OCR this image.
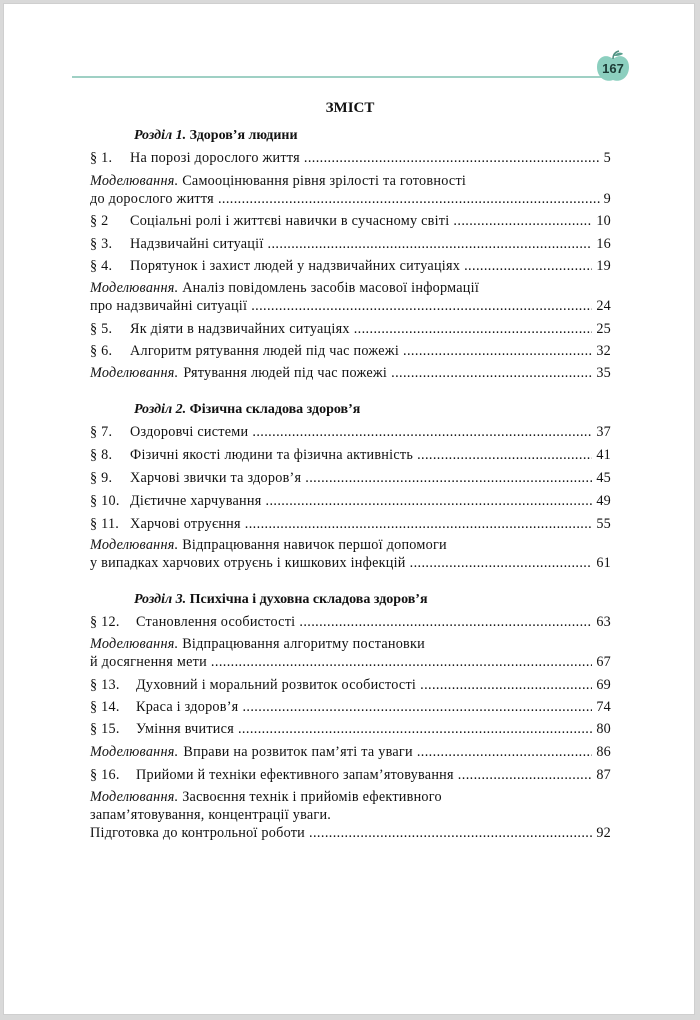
167
ЗМІСТ
Розділ 1. Здоров’я людини
§ 1.	На порозі дорослого життя .....	5
Моделювання. Самооцінювання рівня зрілості та готовності
до дорослого життя .....	9
§ 2	Соціальні ролі і життєві навички в сучасному світі .....	10
§ 3.	Надзвичайні ситуації .....	16
§ 4.	Порятунок і захист людей у надзвичайних ситуаціях .....	19
Моделювання. Аналіз повідомлень засобів масової інформації
про надзвичайні ситуації .....	24
§ 5.	Як діяти в надзвичайних ситуаціях .....	25
§ 6.	Алгоритм рятування людей під час пожежі .....	32
Моделювання. Рятування людей під час пожежі .....	35
Розділ 2. Фізична складова здоров’я
§ 7.	Оздоровчі системи .....	37
§ 8.	Фізичні якості людини та фізична активність .....	41
§ 9.	Харчові звички та здоров’я .....	45
§ 10. Дієтичне харчування .....	49
§ 11. Харчові отруєння .....	55
Моделювання. Відпрацювання навичок першої допомоги
у випадках харчових отруєнь і кишкових інфекцій .....	61
Розділ 3. Психічна і духовна складова здоров’я
§ 12.	Становлення особистості .....	63
Моделювання. Відпрацювання алгоритму постановки
й досягнення мети .....	67
§ 13.	Духовний і моральний розвиток особистості .....	69
§ 14.	Краса і здоров’я .....	74
§ 15.	Уміння вчитися .....	80
Моделювання. Вправи на розвиток пам’яті та уваги .....	86
§ 16.	Прийоми й техніки ефективного запам’ятовування .....	87
Моделювання. Засвоєння технік і прийомів ефективного
запам’ятовування, концентрації уваги.
Підготовка до контрольної роботи .....	92
